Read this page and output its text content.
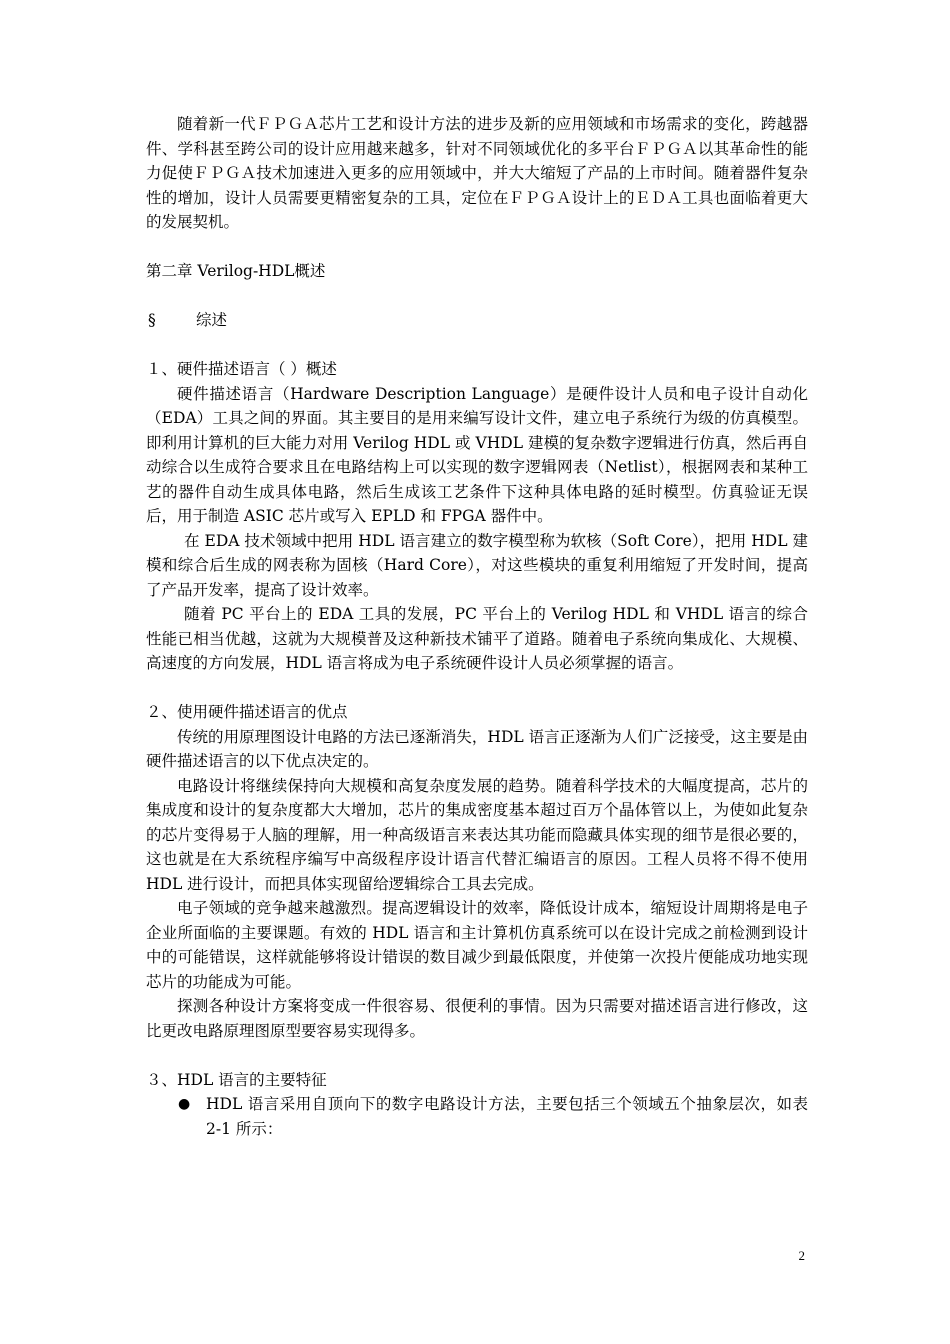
随着新一代ＦＰＧＡ芯片工艺和设计方法的进步及新的应用领域和市场需求的变化，跨越器件、学科甚至跨公司的设计应用越来越多，针对不同领域优化的多平台ＦＰＧＡ以其革命性的能力促使ＦＰＧＡ技术加速进入更多的应用领域中，并大大缩短了产品的上市时间。随着器件复杂性的增加，设计人员需要更精密复杂的工具，定位在ＦＰＧＡ设计上的ＥＤＡ工具也面临着更大的发展契机。

第二章 Verilog-HDL概述

§	综述

１、硬件描述语言（ ）概述

硬件描述语言（Hardware Description Language）是硬件设计人员和电子设计自动化（EDA）工具之间的界面。其主要目的是用来编写设计文件，建立电子系统行为级的仿真模型。即利用计算机的巨大能力对用 Verilog HDL 或 VHDL 建模的复杂数字逻辑进行仿真，然后再自动综合以生成符合要求且在电路结构上可以实现的数字逻辑网表（Netlist），根据网表和某种工艺的器件自动生成具体电路，然后生成该工艺条件下这种具体电路的延时模型。仿真验证无误后，用于制造 ASIC 芯片或写入 EPLD 和 FPGA 器件中。

在 EDA 技术领域中把用 HDL 语言建立的数字模型称为软核（Soft Core），把用 HDL 建模和综合后生成的网表称为固核（Hard Core），对这些模块的重复利用缩短了开发时间，提高了产品开发率，提高了设计效率。

随着 PC 平台上的 EDA 工具的发展，PC 平台上的 Verilog HDL 和 VHDL 语言的综合性能已相当优越，这就为大规模普及这种新技术铺平了道路。随着电子系统向集成化、大规模、高速度的方向发展，HDL 语言将成为电子系统硬件设计人员必须掌握的语言。

２、使用硬件描述语言的优点

传统的用原理图设计电路的方法已逐渐消失，HDL 语言正逐渐为人们广泛接受，这主要是由硬件描述语言的以下优点决定的。

电路设计将继续保持向大规模和高复杂度发展的趋势。随着科学技术的大幅度提高，芯片的集成度和设计的复杂度都大大增加，芯片的集成密度基本超过百万个晶体管以上，为使如此复杂的芯片变得易于人脑的理解，用一种高级语言来表达其功能而隐藏具体实现的细节是很必要的，这也就是在大系统程序编写中高级程序设计语言代替汇编语言的原因。工程人员将不得不使用 HDL 进行设计，而把具体实现留给逻辑综合工具去完成。

电子领域的竞争越来越激烈。提高逻辑设计的效率，降低设计成本，缩短设计周期将是电子企业所面临的主要课题。有效的 HDL 语言和主计算机仿真系统可以在设计完成之前检测到设计中的可能错误，这样就能够将设计错误的数目减少到最低限度，并使第一次投片便能成功地实现芯片的功能成为可能。

探测各种设计方案将变成一件很容易、很便利的事情。因为只需要对描述语言进行修改，这比更改电路原理图原型要容易实现得多。

３、HDL 语言的主要特征

●	HDL 语言采用自顶向下的数字电路设计方法，主要包括三个领域五个抽象层次，如表 2-1 所示：
2
